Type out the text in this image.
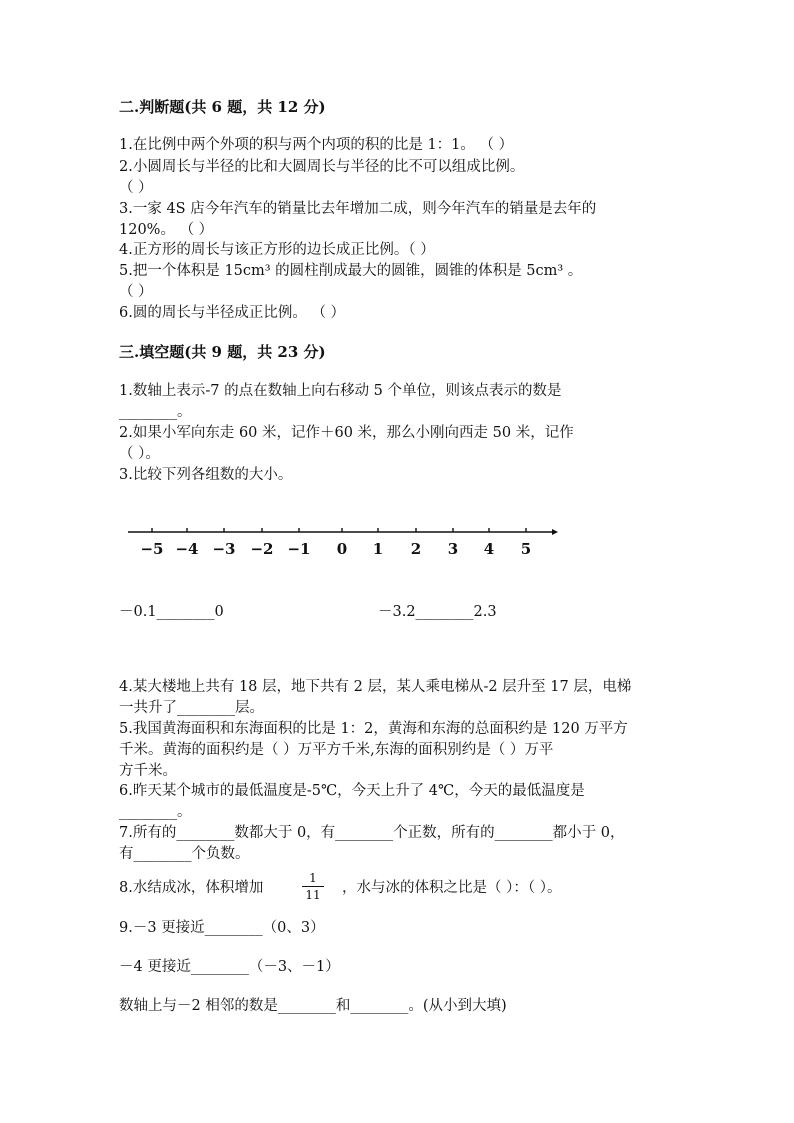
二.判断题(共 6 题，共 12 分)
1.在比例中两个外项的积与两个内项的积的比是 1：1。 （ ）
2.小圆周长与半径的比和大圆周长与半径的比不可以组成比例。
（ ）
3.一家 4S 店今年汽车的销量比去年增加二成，则今年汽车的销量是去年的
120%。 （ ）
4.正方形的周长与该正方形的边长成正比例。（ ）
5.把一个体积是 15cm³ 的圆柱削成最大的圆锥，圆锥的体积是 5cm³ 。
（ ）
6.圆的周长与半径成正比例。 （ ）
三.填空题(共 9 题，共 23 分)
1.数轴上表示-7 的点在数轴上向右移动 5 个单位，则该点表示的数是
________。
2.如果小军向东走 60 米，记作＋60 米，那么小刚向西走 50 米，记作
（ ）。
3.比较下列各组数的大小。
−5 −4 −3 −2 −1 0 1 2 3 4 5
－0.1________0	－3.2________2.3
4.某大楼地上共有 18 层，地下共有 2 层，某人乘电梯从-2 层升至 17 层，电梯
一共升了________层。
5.我国黄海面积和东海面积的比是 1：2，黄海和东海的总面积约是 120 万平方
千米。黄海的面积约是（ ）万平方千米,东海的面积别约是（ ）万平
方千米。
6.昨天某个城市的最低温度是-5℃，今天上升了 4℃，今天的最低温度是
________。
7.所有的________数都大于 0，有________个正数，所有的________都小于 0，
有________个负数。
8.水结成冰，体积增加
1
11 ，水与冰的体积之比是（ ）：（ ）。
9.－3 更接近________（0、3）
－4 更接近________（－3、－1）
数轴上与－2 相邻的数是________和________。(从小到大填)
